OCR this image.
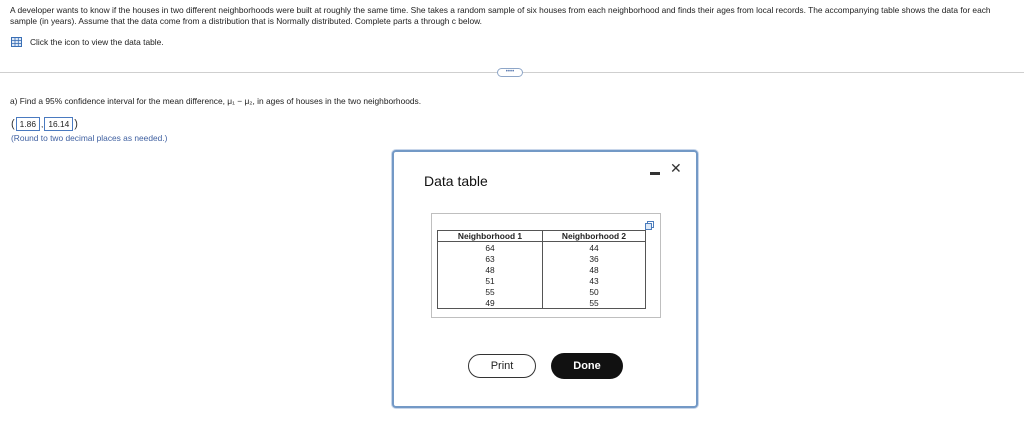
A developer wants to know if the houses in two different neighborhoods were built at roughly the same time. She takes a random sample of six houses from each neighborhood and finds their ages from local records. The accompanying table shows the data for each sample (in years). Assume that the data come from a distribution that is Normally distributed. Complete parts a through c below.
Click the icon to view the data table.
••••
a) Find a 95% confidence interval for the mean difference, μ₁ − μ₂, in ages of houses in the two neighborhoods.
( 1.86 , 16.14 )
(Round to two decimal places as needed.)
Data table
✕
Neighborhood 1	Neighborhood 2
64	44
63	36
48	48
51	43
55	50
49	55
Print	Done
